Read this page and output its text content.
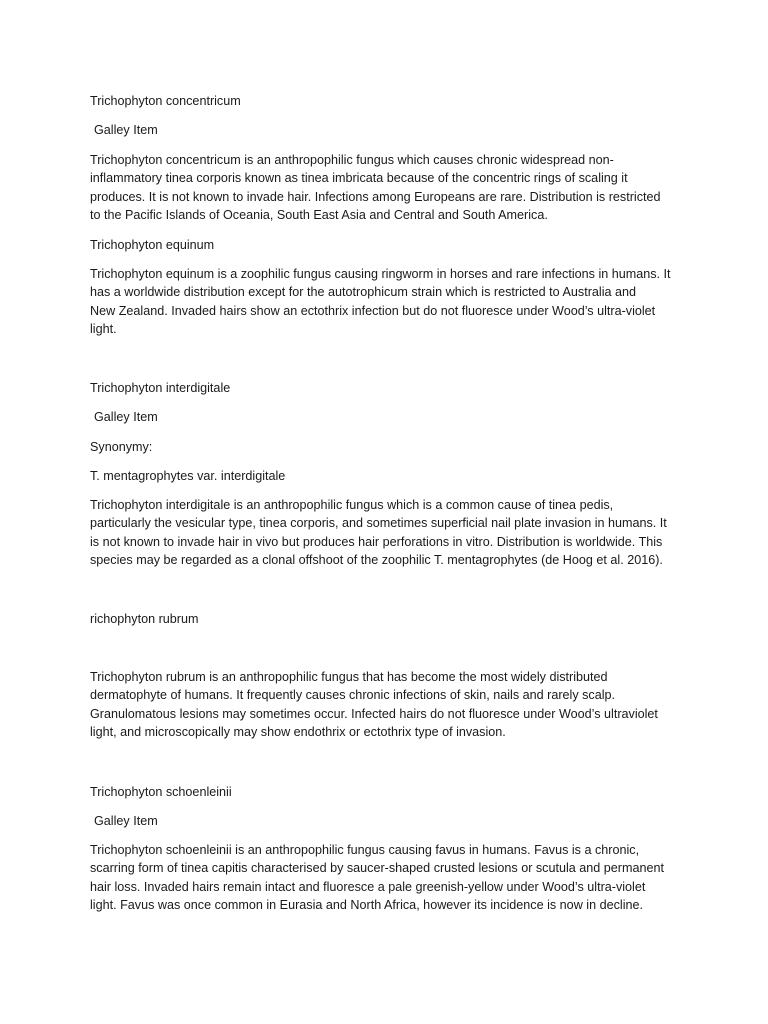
Trichophyton concentricum

Galley Item

Trichophyton concentricum is an anthropophilic fungus which causes chronic widespread non-
inflammatory tinea corporis known as tinea imbricata because of the concentric rings of scaling it
produces. It is not known to invade hair. Infections among Europeans are rare. Distribution is restricted
to the Pacific Islands of Oceania, South East Asia and Central and South America.

Trichophyton equinum

Trichophyton equinum is a zoophilic fungus causing ringworm in horses and rare infections in humans. It
has a worldwide distribution except for the autotrophicum strain which is restricted to Australia and
New Zealand. Invaded hairs show an ectothrix infection but do not fluoresce under Wood’s ultra-violet
light.

Trichophyton interdigitale

Galley Item

Synonymy:

T. mentagrophytes var. interdigitale

Trichophyton interdigitale is an anthropophilic fungus which is a common cause of tinea pedis,
particularly the vesicular type, tinea corporis, and sometimes superficial nail plate invasion in humans. It
is not known to invade hair in vivo but produces hair perforations in vitro. Distribution is worldwide. This
species may be regarded as a clonal offshoot of the zoophilic T. mentagrophytes (de Hoog et al. 2016).

richophyton rubrum

Trichophyton rubrum is an anthropophilic fungus that has become the most widely distributed
dermatophyte of humans. It frequently causes chronic infections of skin, nails and rarely scalp.
Granulomatous lesions may sometimes occur. Infected hairs do not fluoresce under Wood’s ultraviolet
light, and microscopically may show endothrix or ectothrix type of invasion.

Trichophyton schoenleinii

Galley Item

Trichophyton schoenleinii is an anthropophilic fungus causing favus in humans. Favus is a chronic,
scarring form of tinea capitis characterised by saucer-shaped crusted lesions or scutula and permanent
hair loss. Invaded hairs remain intact and fluoresce a pale greenish-yellow under Wood’s ultra-violet
light. Favus was once common in Eurasia and North Africa, however its incidence is now in decline.
